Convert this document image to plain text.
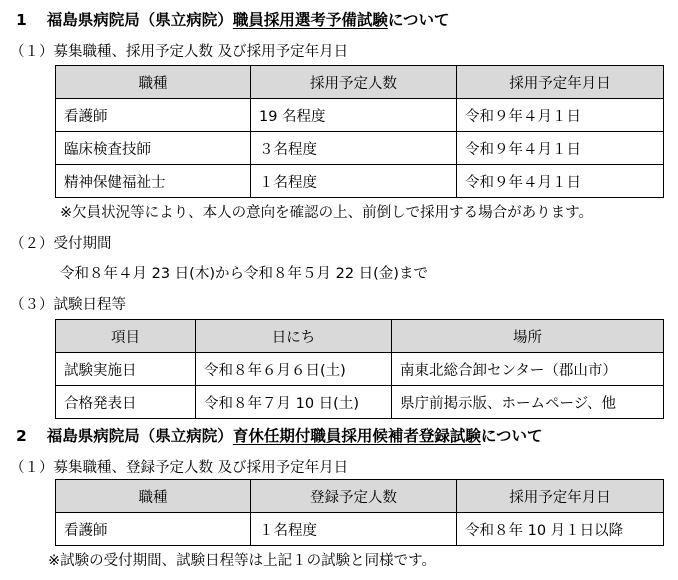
1 福島県病院局（県立病院）職員採用選考予備試験について
（１）募集職種、採用予定人数 及び採用予定年月日
職種	採用予定人数	採用予定年月日
看護師	19 名程度	令和９年４月１日
臨床検査技師	３名程度	令和９年４月１日
精神保健福祉士	１名程度	令和９年４月１日
※欠員状況等により、本人の意向を確認の上、前倒しで採用する場合があります。
（２）受付期間
令和８年４月 23 日(木)から令和８年５月 22 日(金)まで
（３）試験日程等
項目	日にち	場所
試験実施日	令和８年６月６日(土)	南東北総合卸センター（郡山市）
合格発表日	令和８年７月 10 日(土)	県庁前掲示版、ホームページ、他
2 福島県病院局（県立病院）育休任期付職員採用候補者登録試験について
（１）募集職種、登録予定人数 及び採用予定年月日
職種	登録予定人数	採用予定年月日
看護師	１名程度	令和８年 10 月１日以降
※試験の受付期間、試験日程等は上記１の試験と同様です。
